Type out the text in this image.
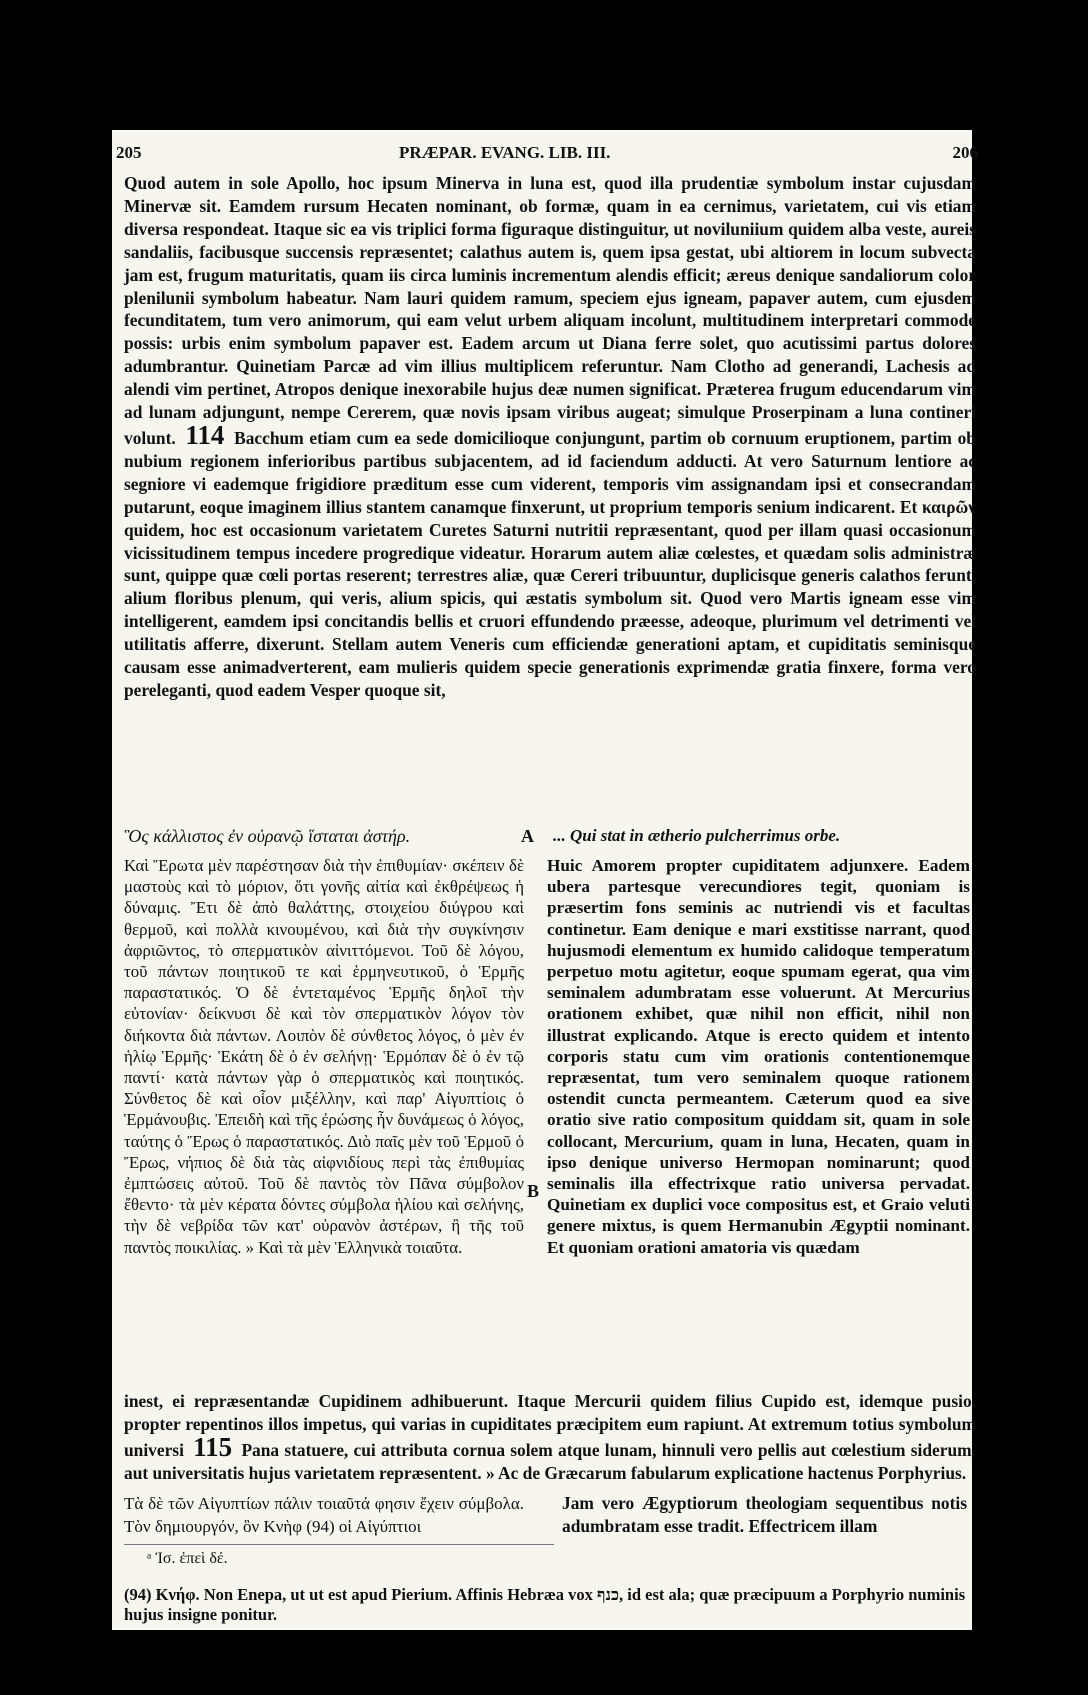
205	PRÆPAR. EVANG. LIB. III.	206

Quod autem in sole Apollo, hoc ipsum Minerva in luna est, quod illa prudentiæ symbolum instar cujusdam Minervæ sit. Eamdem rursum Hecaten nominant, ob formæ, quam in ea cernimus, varietatem, cui vis etiam diversa respondeat. Itaque sic ea vis triplici forma figuraque distinguitur, ut noviluniium quidem alba veste, aureis sandaliis, facibusque succensis repræsentet; calathus autem is, quem ipsa gestat, ubi altiorem in locum subvecta jam est, frugum maturitatis, quam iis circa luminis incrementum alendis efficit; æreus denique sandaliorum color plenilunii symbolum habeatur. Nam lauri quidem ramum, speciem ejus igneam, papaver autem, cum ejusdem fecunditatem, tum vero animorum, qui eam velut urbem aliquam incolunt, multitudinem interpretari commode possis: urbis enim symbolum papaver est. Eadem arcum ut Diana ferre solet, quo acutissimi partus dolores adumbrantur. Quinetiam Parcæ ad vim illius multiplicem referuntur. Nam Clotho ad generandi, Lachesis ad alendi vim pertinet, Atropos denique inexorabile hujus deæ numen significat. Præterea frugum educendarum vim ad lunam adjungunt, nempe Cererem, quæ novis ipsam viribus augeat; simulque Proserpinam a luna contineri volunt. 114 Bacchum etiam cum ea sede domicilioque conjungunt, partim ob cornuum eruptionem, partim ob nubium regionem inferioribus partibus subjacentem, ad id faciendum adducti. At vero Saturnum lentiore ac segniore vi eademque frigidiore præditum esse cum viderent, temporis vim assignandam ipsi et consecrandam putarunt, eoque imaginem illius stantem canamque finxerunt, ut proprium temporis senium indicarent. Et καιρῶν quidem, hoc est occasionum varietatem Curetes Saturni nutritii repræsentant, quod per illam quasi occasionum vicissitudinem tempus incedere progredique videatur. Horarum autem aliæ cœlestes, et quædam solis administræ sunt, quippe quæ cœli portas reserent; terrestres aliæ, quæ Cereri tribuuntur, duplicisque generis calathos ferunt, alium floribus plenum, qui veris, alium spicis, qui æstatis symbolum sit. Quod vero Martis igneam esse vim intelligerent, eamdem ipsi concitandis bellis et cruori effundendo præesse, adeoque, plurimum vel detrimenti vel utilitatis afferre, dixerunt. Stellam autem Veneris cum efficiendæ generationi aptam, et cupiditatis seminisque causam esse animadverterent, eam mulieris quidem specie generationis exprimendæ gratia finxere, forma vero pereleganti, quod eadem Vesper quoque sit,

Ὃς κάλλιστος ἐν οὐρανῷ ἵσταται ἀστήρ.	A ... Qui stat in ætherio pulcherrimus orbe.

Καὶ Ἔρωτα μὲν παρέστησαν διὰ τὴν ἐπιθυμίαν· σκέπειν δὲ μαστοὺς καὶ τὸ μόριον, ὅτι γονῆς αἰτία καὶ ἐκθρέψεως ἡ δύναμις. Ἔτι δὲ ἀπὸ θαλάττης, στοιχείου διύγρου καὶ θερμοῦ, καὶ πολλὰ κινουμένου, καὶ διὰ τὴν συγκίνησιν ἀφριῶντος, τὸ σπερματικὸν αἰνιττόμενοι. Τοῦ δὲ λόγου, τοῦ πάντων ποιητικοῦ τε καὶ ἑρμηνευτικοῦ, ὁ Ἑρμῆς παραστατικός. Ὁ δὲ ἐντεταμένος Ἑρμῆς δηλοῖ τὴν εὐτονίαν· δείκνυσι δὲ καὶ τὸν σπερματικὸν λόγον τὸν διήκοντα διὰ πάντων. Λοιπὸν δὲ σύνθετος λόγος, ὁ μὲν ἐν ἡλίῳ Ἑρμῆς· Ἑκάτη δὲ ὁ ἐν σελήνῃ· Ἑρμόπαν δὲ ὁ ἐν τῷ παντί· κατὰ πάντων γὰρ ὁ σπερματικὸς καὶ ποιητικός. Σύνθετος δὲ καὶ οἷον μιξέλλην, καὶ παρ' Αἰγυπτίοις ὁ Ἑρμάνουβις. Ἐπειδὴ καὶ τῆς ἐρώσης ἦν δυνάμεως ὁ λόγος, ταύτης ὁ Ἔρως ὁ παραστατικός. Διὸ παῖς μὲν τοῦ Ἑρμοῦ ὁ Ἔρως, νήπιος δὲ διὰ τὰς αἰφνιδίους περὶ τὰς ἐπιθυμίας ἐμπτώσεις αὐτοῦ. Τοῦ δὲ παντὸς τὸν Πᾶνα σύμβολον ἔθεντο· τὰ μὲν κέρατα δόντες σύμβολα ἡλίου καὶ σελήνης, τὴν δὲ νεβρίδα τῶν κατ' οὐρανὸν ἀστέρων, ἢ τῆς τοῦ παντὸς ποικιλίας. » Καὶ τὰ μὲν Ἑλληνικὰ τοιαῦτα.

B

Huic Amorem propter cupiditatem adjunxere. Eadem ubera partesque verecundiores tegit, quoniam is præsertim fons seminis ac nutriendi vis et facultas continetur. Eam denique e mari exstitisse narrant, quod hujusmodi elementum ex humido calidoque temperatum perpetuo motu agitetur, eoque spumam egerat, qua vim seminalem adumbratam esse voluerunt. At Mercurius orationem exhibet, quæ nihil non efficit, nihil non illustrat explicando. Atque is erecto quidem et intento corporis statu cum vim orationis contentionemque repræsentat, tum vero seminalem quoque rationem ostendit cuncta permeantem. Cæterum quod ea sive oratio sive ratio compositum quiddam sit, quam in sole collocant, Mercurium, quam in luna, Hecaten, quam in ipso denique universo Hermopan nominarunt; quod seminalis illa effectrixque ratio universa pervadat. Quinetiam ex duplici voce compositus est, et Graio veluti genere mixtus, is quem Hermanubin Ægyptii nominant. Et quoniam orationi amatoria vis quædam

inest, ei repræsentandæ Cupidinem adhibuerunt. Itaque Mercurii quidem filius Cupido est, idemque pusio, propter repentinos illos impetus, qui varias in cupiditates præcipitem eum rapiunt. At extremum totius symbolum universi 115 Pana statuere, cui attributa cornua solem atque lunam, hinnuli vero pellis aut cœlestium siderum, aut universitatis hujus varietatem repræsentent. » Ac de Græcarum fabularum explicatione hactenus Porphyrius.

Τὰ δὲ τῶν Αἰγυπτίων πάλιν τοιαῦτά φησιν ἔχειν σύμβολα. Τὸν δημιουργόν, ὃν Κνὴφ (94) οἱ Αἰγύπτιοι

Jam vero Ægyptiorum theologiam sequentibus notis adumbratam esse tradit. Effectricem illam

ᵃ Ἰσ. ἐπεὶ δέ.

(94) Κνήφ. Non Enepa, ut ut est apud Pierium. Affinis Hebræa vox כנף, id est ala; quæ præcipuum a Porphyrio numinis hujus insigne ponitur.
